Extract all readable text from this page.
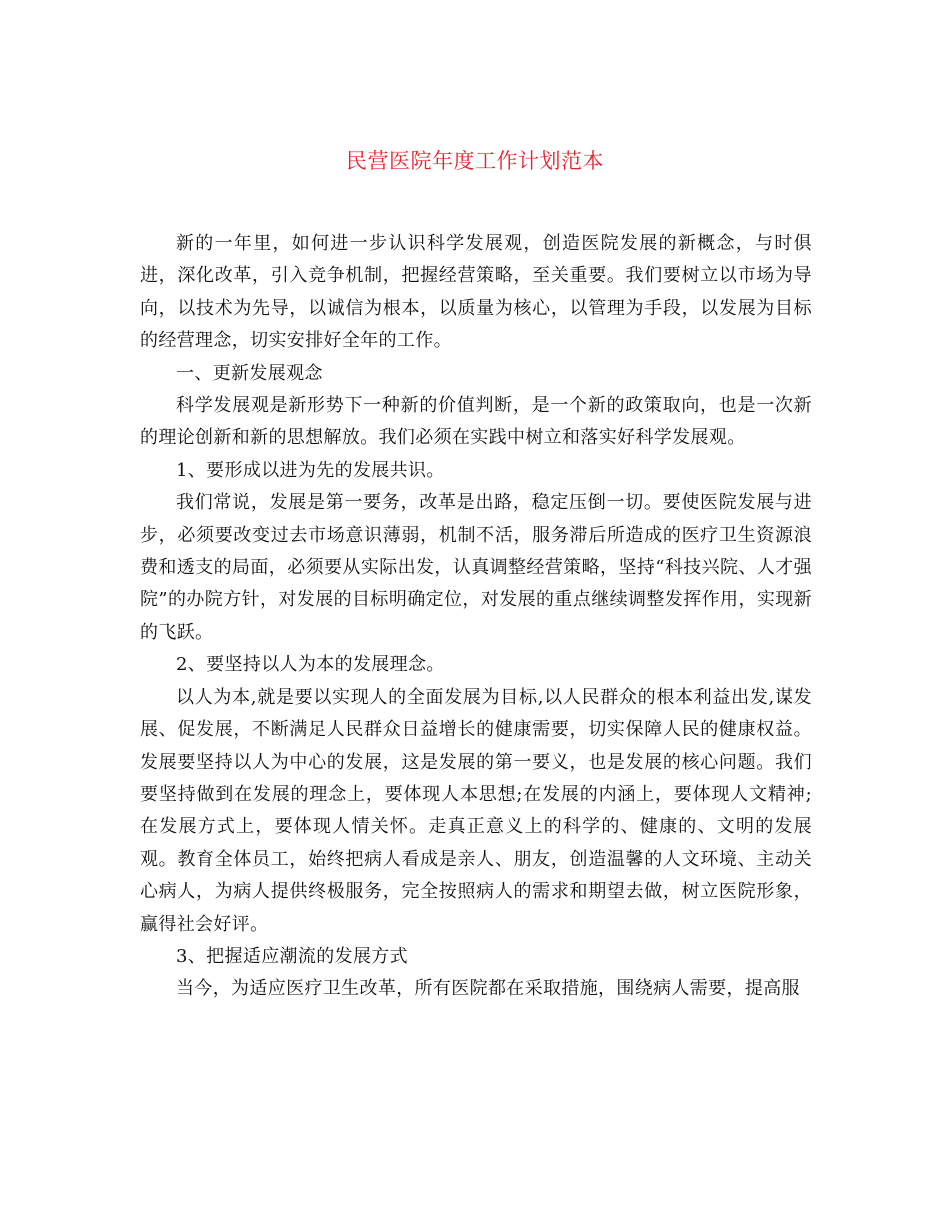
民营医院年度工作计划范本

新的一年里，如何进一步认识科学发展观，创造医院发展的新概念，与时俱进，深化改革，引入竞争机制，把握经营策略，至关重要。我们要树立以市场为导向，以技术为先导，以诚信为根本，以质量为核心，以管理为手段，以发展为目标的经营理念，切实安排好全年的工作。

一、更新发展观念

科学发展观是新形势下一种新的价值判断，是一个新的政策取向，也是一次新的理论创新和新的思想解放。我们必须在实践中树立和落实好科学发展观。

1、要形成以进为先的发展共识。

我们常说，发展是第一要务，改革是出路，稳定压倒一切。要使医院发展与进步，必须要改变过去市场意识薄弱，机制不活，服务滞后所造成的医疗卫生资源浪费和透支的局面，必须要从实际出发，认真调整经营策略，坚持“科技兴院、人才强院”的办院方针，对发展的目标明确定位，对发展的重点继续调整发挥作用，实现新的飞跃。

2、要坚持以人为本的发展理念。

以人为本,就是要以实现人的全面发展为目标,以人民群众的根本利益出发,谋发展、促发展，不断满足人民群众日益增长的健康需要，切实保障人民的健康权益。发展要坚持以人为中心的发展，这是发展的第一要义，也是发展的核心问题。我们要坚持做到在发展的理念上，要体现人本思想;在发展的内涵上，要体现人文精神;在发展方式上，要体现人情关怀。走真正意义上的科学的、健康的、文明的发展观。教育全体员工，始终把病人看成是亲人、朋友，创造温馨的人文环境、主动关心病人，为病人提供终极服务，完全按照病人的需求和期望去做，树立医院形象，赢得社会好评。

3、把握适应潮流的发展方式

当今，为适应医疗卫生改革，所有医院都在采取措施，围绕病人需要，提高服
